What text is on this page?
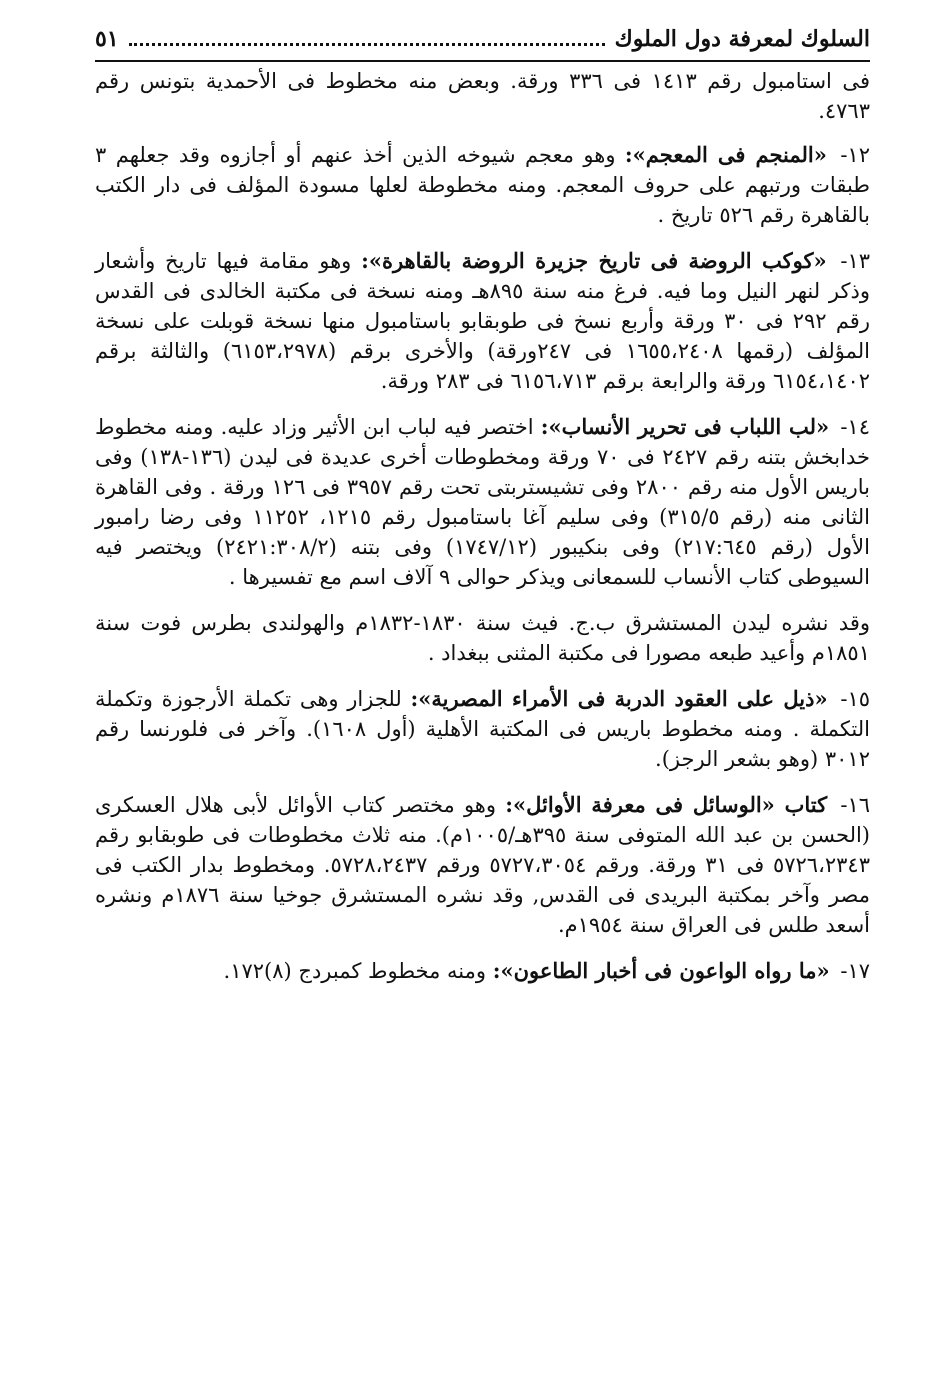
السلوك لمعرفة دول الملوك
٥١

فى استامبول رقم ١٤١٣ فى ٣٣٦ ورقة. وبعض منه مخطوط فى الأحمدية بتونس رقم ٤٧٦٣.

١٢- «المنجم فى المعجم»: وهو معجم شيوخه الذين أخذ عنهم أو أجازوه وقد جعلهم ٣ طبقات ورتبهم على حروف المعجم. ومنه مخطوطة لعلها مسودة المؤلف فى دار الكتب بالقاهرة رقم ٥٢٦ تاريخ .

١٣- «كوكب الروضة فى تاريخ جزيرة الروضة بالقاهرة»: وهو مقامة فيها تاريخ وأشعار وذكر لنهر النيل وما فيه. فرغ منه سنة ٨٩٥هـ ومنه نسخة فى مكتبة الخالدى فى القدس رقم ٢٩٢ فى ٣٠ ورقة وأربع نسخ فى طوبقابو باستامبول منها نسخة قوبلت على نسخة المؤلف (رقمها ١٦٥٥،٢٤٠٨ فى ٢٤٧ورقة) والأخرى برقم (٦١٥٣،٢٩٧٨) والثالثة برقم ٦١٥٤،١٤٠٢ ورقة والرابعة برقم ٦١٥٦،٧١٣ فى ٢٨٣ ورقة.

١٤- «لب اللباب فى تحرير الأنساب»: اختصر فيه لباب ابن الأثير وزاد عليه. ومنه مخطوط خدابخش بتنه رقم ٢٤٢٧ فى ٧٠ ورقة ومخطوطات أخرى عديدة فى ليدن (١٣٦-١٣٨) وفى باريس الأول منه رقم ٢٨٠٠ وفى تشيستربتى تحت رقم ٣٩٥٧ فى ١٢٦ ورقة . وفى القاهرة الثانى منه (رقم ٣١٥/٥) وفى سليم آغا باستامبول رقم ١٢١٥، ١١٢٥٢ وفى رضا رامبور الأول (رقم ٢١٧:٦٤٥) وفى بنكيبور (١٧٤٧/١٢) وفى بتنه (٢٤٢١:٣٠٨/٢) ويختصر فيه السيوطى كتاب الأنساب للسمعانى ويذكر حوالى ٩ آلاف اسم مع تفسيرها .

وقد نشره ليدن المستشرق ب.ج. فيث سنة ١٨٣٠-١٨٣٢م والهولندى بطرس فوت سنة ١٨٥١م وأعيد طبعه مصورا فى مكتبة المثنى ببغداد .

١٥- «ذيل على العقود الدربة فى الأمراء المصرية»: للجزار وهى تكملة الأرجوزة وتكملة التكملة . ومنه مخطوط باريس فى المكتبة الأهلية (أول ١٦٠٨). وآخر فى فلورنسا رقم ٣٠١٢ (وهو بشعر الرجز).

١٦- كتاب «الوسائل فى معرفة الأوائل»: وهو مختصر كتاب الأوائل لأبى هلال العسكرى (الحسن بن عبد الله المتوفى سنة ٣٩٥هـ/١٠٠٥م). منه ثلاث مخطوطات فى طوبقابو رقم ٥٧٢٦،٢٣٤٣ فى ٣١ ورقة. ورقم ٥٧٢٧،٣٠٥٤ ورقم ٥٧٢٨،٢٤٣٧. ومخطوط بدار الكتب فى مصر وآخر بمكتبة البريدى فى القدس, وقد نشره المستشرق جوخيا سنة ١٨٧٦م ونشره أسعد طلس فى العراق سنة ١٩٥٤م.

١٧- «ما رواه الواعون فى أخبار الطاعون»: ومنه مخطوط كمبردج (٨)١٧٢.
